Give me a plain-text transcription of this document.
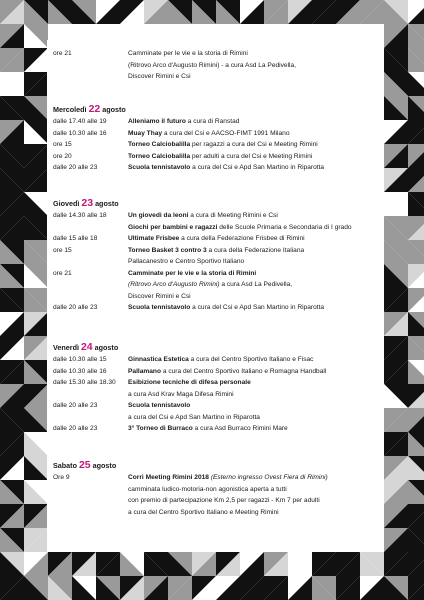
ore 21	Camminate per le vie e la storia di Rimini
(Ritrovo Arco d'Augusto Rimini) - a cura Asd La Pedivella,
Discover Rimini e Csi
Mercoledì 22 agosto
dalle 17.40 alle 19	Alleniamo il futuro a cura di Ranstad
dalle 10.30 alle 16	Muay Thay a cura del Csi e AACSO-FIMT 1991 Milano
ore 15	Torneo Calciobalilla per ragazzi a cura del Csi e Meeting Rimini
ore 20	Torneo Calciobalilla per adulti a cura del Csi e Meeting Rimini
dalle 20 alle 23	Scuola tennistavolo a cura del Csi e Apd San Martino in Riparotta
Giovedì 23 agosto
dalle 14.30 alle 18	Un giovedì da leoni a cura di Meeting Rimini e Csi
Giochi per bambini e ragazzi delle Scuole Primaria e Secondaria di I grado
dalle 15 alle 18	Ultimate Frisbee a cura della Federazione Frisbee di Rimini
ore 15	Torneo Basket 3 contro 3 a cura della Federazione Italiana
Pallacanestro e Centro Sportivo Italiano
ore 21	Camminate per le vie e la storia di Rimini
(Ritrovo Arco d'Augusto Rimini) a cura Asd La Pedivella,
Discover Rimini e Csi
dalle 20 alle 23	Scuola tennistavolo a cura del Csi e Apd San Martino in Riparotta
Venerdì 24 agosto
dalle 10.30 alle 15	Ginnastica Estetica a cura del Centro Sportivo Italiano e Fisac
dalle 10.30 alle 16	Pallamano a cura del Centro Sportivo Italiano e Romagna Handball
dalle 15.30 alle 18.30 Esibizione tecniche di difesa personale
a cura Asd Krav Maga Difesa Rimini
dalle 20 alle 23	Scuola tennistavolo
a cura del Csi e Apd San Martino in Riparotta
dalle 20 alle 23	3° Torneo di Burraco a cura Asd Burraco Rimini Mare
Sabato 25 agosto
Ore 9	Corri Meeting Rimini 2018 (Esterno ingresso Ovest Fiera di Rimini)
camminata ludico-motoria-non agonistica aperta a tutti
con premio di partecipazione Km 2,5 per ragazzi - Km 7 per adulti
a cura del Centro Sportivo Italiano e Meeting Rimini
